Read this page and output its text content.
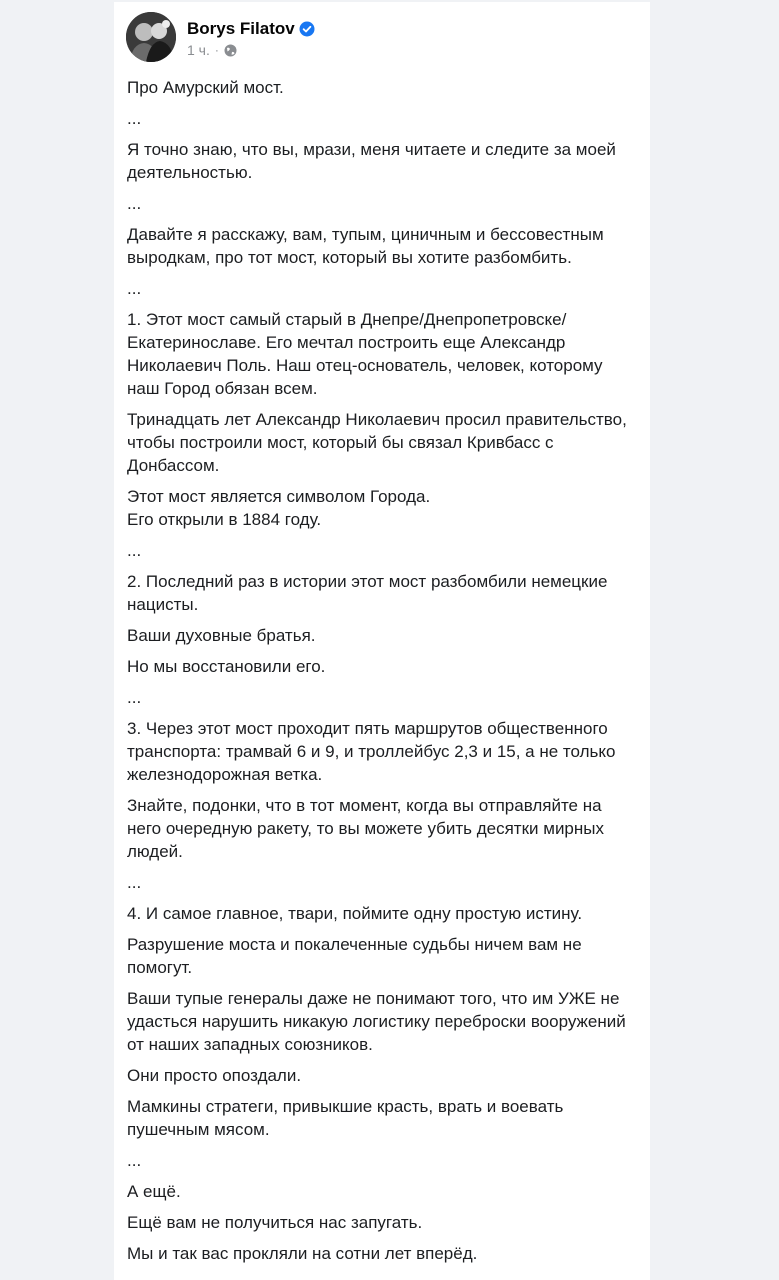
Borys Filatov
1 ч. ·

Про Амурский мост.

...

Я точно знаю, что вы, мрази, меня читаете и следите за моей деятельностью.

...

Давайте я расскажу, вам, тупым, циничным и бессовестным выродкам, про тот мост, который вы хотите разбомбить.

...

1. Этот мост самый старый в Днепре/Днепропетровске/ Екатеринославе. Его мечтал построить еще Александр Николаевич Поль. Наш отец-основатель, человек, которому наш Город обязан всем.

Тринадцать лет Александр Николаевич просил правительство, чтобы построили мост, который бы связал Кривбасс с Донбассом.

Этот мост является символом Города.
Его открыли в 1884 году.

...

2. Последний раз в истории этот мост разбомбили немецкие нацисты.

Ваши духовные братья.

Но мы восстановили его.

...

3. Через этот мост проходит пять маршрутов общественного транспорта: трамвай 6 и 9, и троллейбус 2,3 и 15, а не только железнодорожная ветка.

Знайте, подонки, что в тот момент, когда вы отправляйте на него очередную ракету, то вы можете убить десятки мирных людей.

...

4. И самое главное, твари, поймите одну простую истину.

Разрушение моста и покалеченные судьбы ничем вам не помогут.

Ваши тупые генералы даже не понимают того, что им УЖЕ не удасться нарушить никакую логистику переброски вооружений от наших западных союзников.

Они просто опоздали.

Мамкины стратеги, привыкшие красть, врать и воевать пушечным мясом.

...

А ещё.

Ещё вам не получиться нас запугать.

Мы и так вас прокляли на сотни лет вперёд.
